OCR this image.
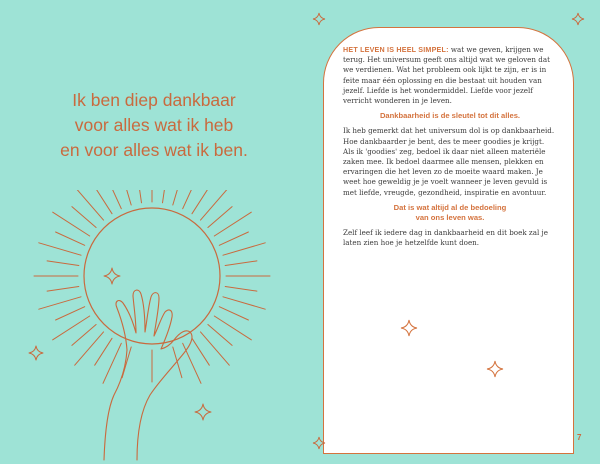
Ik ben diep dankbaar
voor alles wat ik heb
en voor alles wat ik ben.

HET LEVEN IS HEEL SIMPEL: wat we geven, krijgen we terug. Het universum geeft ons altijd wat we geloven dat we verdienen. Wat het probleem ook lijkt te zijn, er is in feite maar één oplossing en die bestaat uit houden van jezelf. Liefde is het wondermiddel. Liefde voor jezelf verricht wonderen in je leven.

Dankbaarheid is de sleutel tot dit alles.

Ik heb gemerkt dat het universum dol is op dankbaarheid. Hoe dankbaarder je bent, des te meer goodies je krijgt. Als ik 'goodies' zeg, bedoel ik daar niet alleen materiële zaken mee. Ik bedoel daarmee alle mensen, plekken en ervaringen die het leven zo de moeite waard maken. Je weet hoe geweldig je je voelt wanneer je leven gevuld is met liefde, vreugde, gezondheid, inspiratie en avontuur.

Dat is wat altijd al de bedoeling
van ons leven was.

Zelf leef ik iedere dag in dankbaarheid en dit boek zal je laten zien hoe je hetzelfde kunt doen.

7
